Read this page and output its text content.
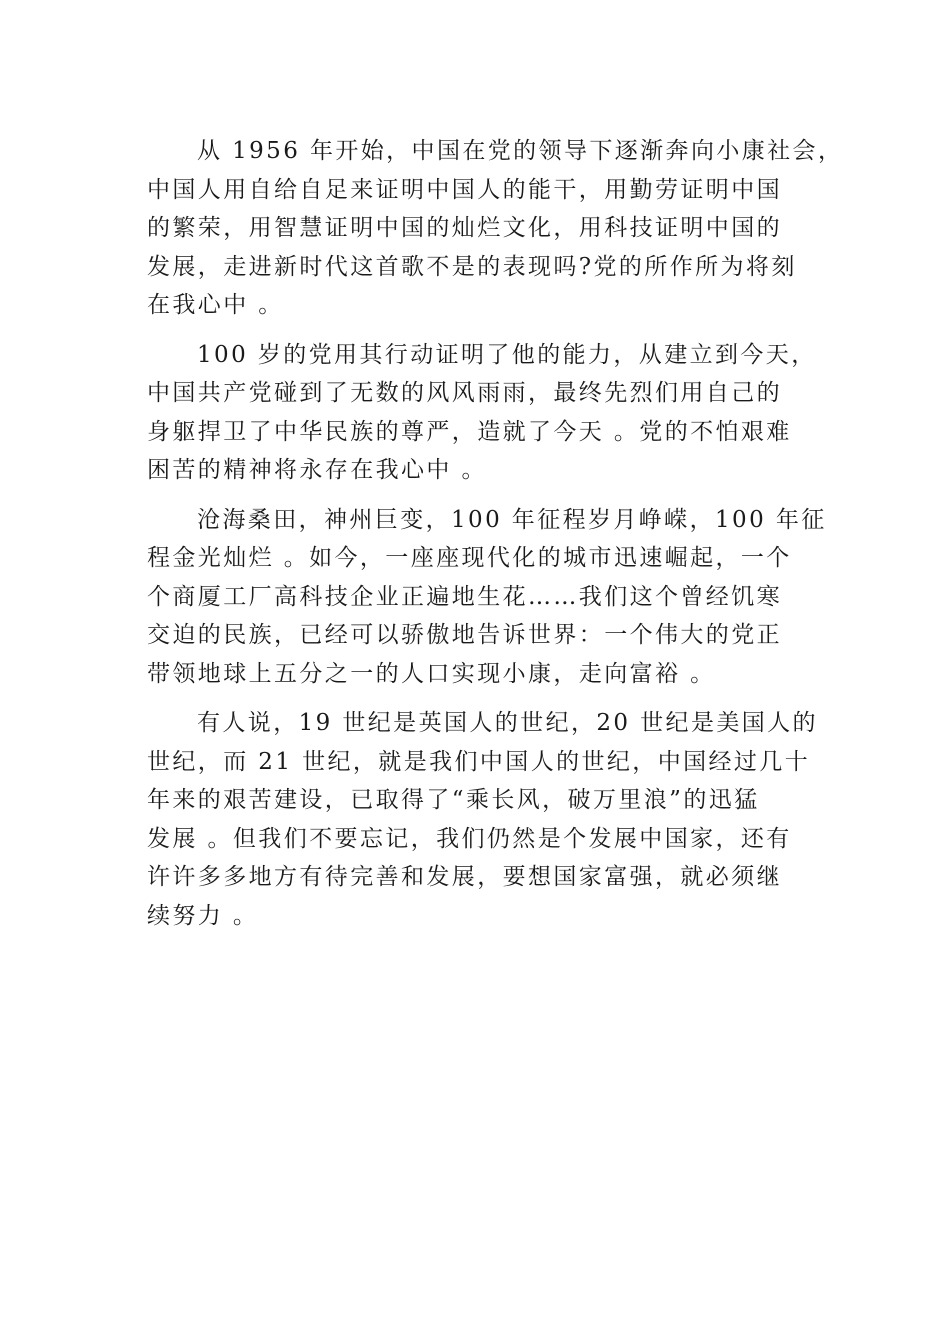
从 1956 年开始，中国在党的领导下逐渐奔向小康社会，
中国人用自给自足来证明中国人的能干，用勤劳证明中国
的繁荣，用智慧证明中国的灿烂文化，用科技证明中国的
发展，走进新时代这首歌不是的表现吗?党的所作所为将刻
在我心中 。
100 岁的党用其行动证明了他的能力，从建立到今天，
中国共产党碰到了无数的风风雨雨，最终先烈们用自己的
身躯捍卫了中华民族的尊严，造就了今天 。党的不怕艰难
困苦的精神将永存在我心中 。
沧海桑田，神州巨变，100 年征程岁月峥嵘，100 年征
程金光灿烂 。如今，一座座现代化的城市迅速崛起，一个
个商厦工厂高科技企业正遍地生花……我们这个曾经饥寒
交迫的民族，已经可以骄傲地告诉世界：一个伟大的党正
带领地球上五分之一的人口实现小康，走向富裕 。
有人说，19 世纪是英国人的世纪，20 世纪是美国人的
世纪，而 21 世纪，就是我们中国人的世纪，中国经过几十
年来的艰苦建设，已取得了“乘长风，破万里浪”的迅猛
发展 。但我们不要忘记，我们仍然是个发展中国家，还有
许许多多地方有待完善和发展，要想国家富强，就必须继
续努力 。
